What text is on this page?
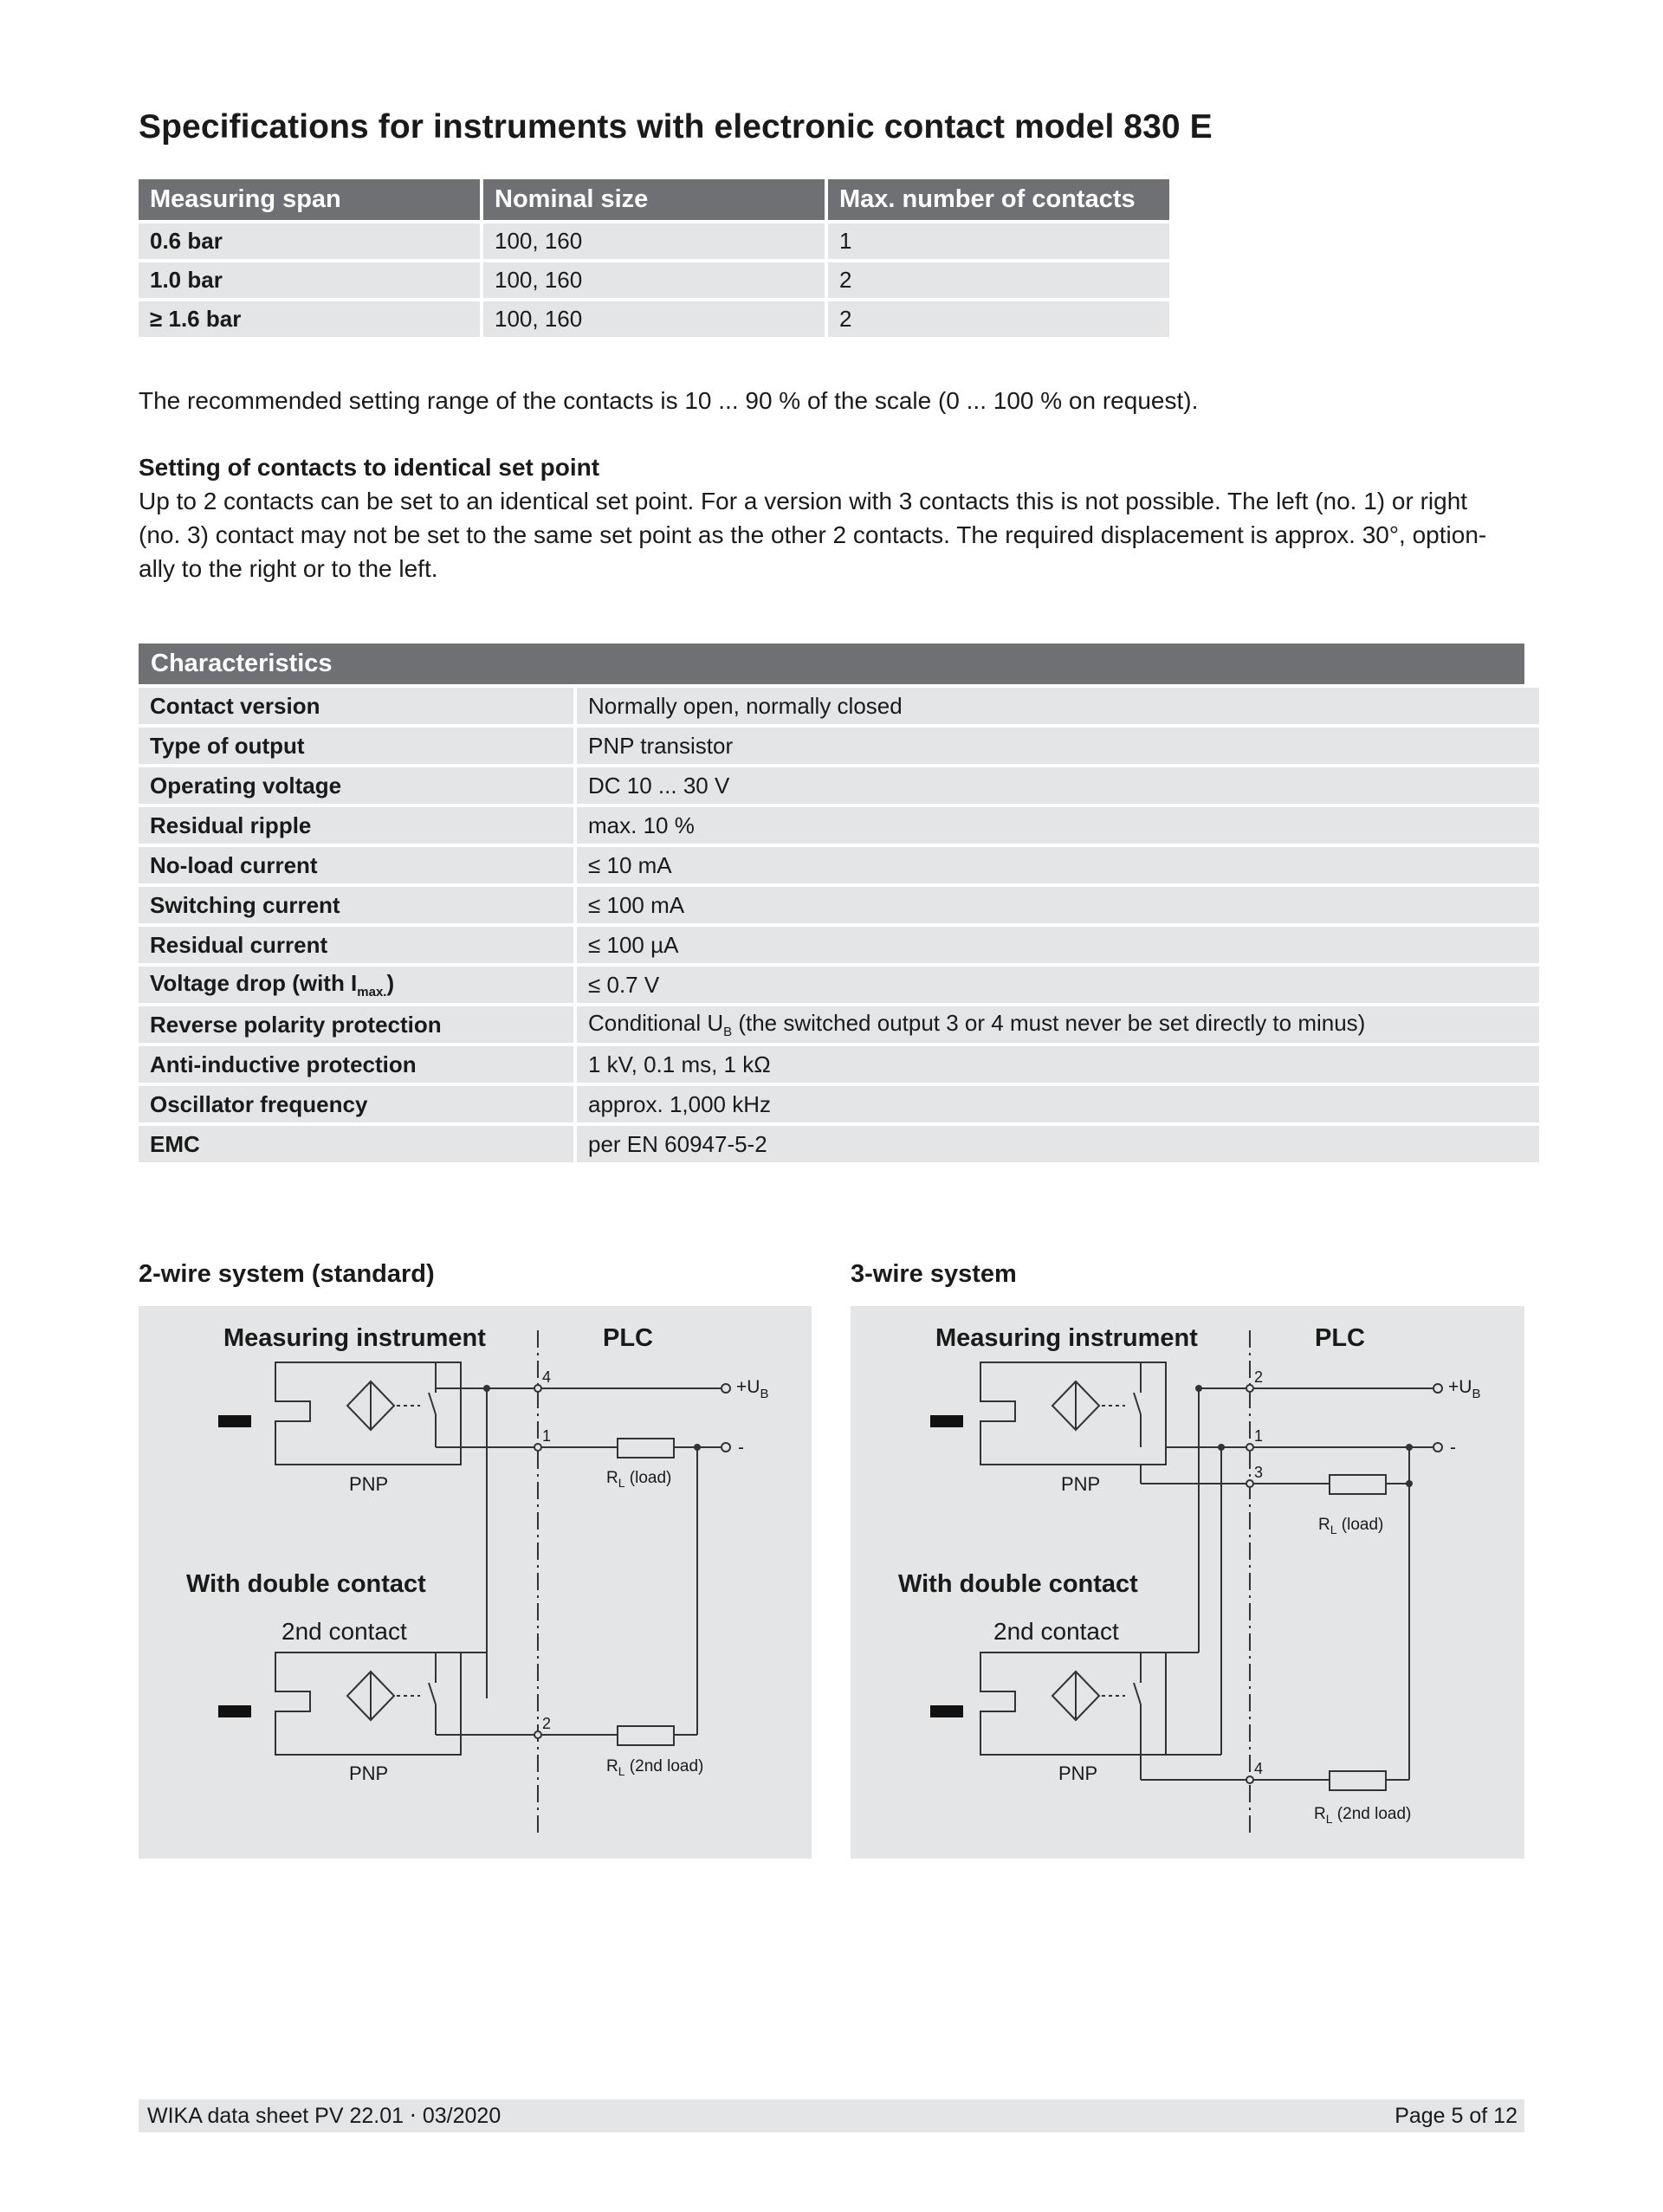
Specifications for instruments with electronic contact model 830 E
Measuring span	Nominal size	Max. number of contacts
0.6 bar	100, 160	1
1.0 bar	100, 160	2
≥ 1.6 bar	100, 160	2

The recommended setting range of the contacts is 10 ... 90 % of the scale (0 ... 100 % on request).

Setting of contacts to identical set point

Up to 2 contacts can be set to an identical set point. For a version with 3 contacts this is not possible. The left (no. 1) or right

(no. 3) contact may not be set to the same set point as the other 2 contacts. The required displacement is approx. 30°, option-

ally to the right or to the left.

Characteristics
Contact version	Normally open, normally closed
Type of output	PNP transistor
Operating voltage	DC 10 ... 30 V
Residual ripple	max. 10 %
No-load current	≤ 10 mA
Switching current	≤ 100 mA
Residual current	≤ 100 µA
Voltage drop (with $I_{max.}$)	≤ 0.7 V
Reverse polarity protection	Conditional $U_B$ (the switched output 3 or 4 must never be set directly to minus)
Anti-inductive protection	1 kV, 0.1 ms, 1 kΩ
Oscillator frequency	approx. 1,000 kHz
EMC	per EN 60947-5-2
2-wire system (standard)	3-wire system
Measuring instrument	PLC
PNP
PNP
With double contact
2nd contact
4
1
2
$+U_B$
-
$R_L$ (load)
$R_L$ (2nd load)
Measuring instrument	PLC
PNP
PNP
With double contact
2nd contact
2
1
3
4
$+U_B$
-
$R_L$ (load)
$R_L$ (2nd load)
WIKA data sheet PV 22.01 ⋅ 03/2020	Page 5 of 12
